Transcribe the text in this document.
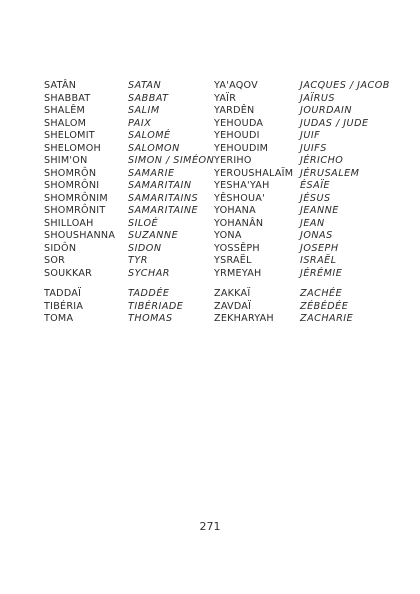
SATÂN
SHABBAT
SHALÊM
SHALOM
SHELOMIT
SHELOMOH
SHIM'ON
SHOMRÔN
SHOMRÔNI
SHOMRÔNIM
SHOMRÔNIT
SHILLOAH
SHOUSHANNA
SIDÔN
SOR
SOUKKAR
TADDAÏ
TIBÉRIA
TOMA
SATAN
SABBAT
SALIM
PAIX
SALOMÉ
SALOMON
SIMON / SIMÉON
SAMARIE
SAMARITAIN
SAMARITAINS
SAMARITAINE
SILOÉ
SUZANNE
SIDON
TYR
SYCHAR
TADDÉE
TIBÉRIADE
THOMAS
YA'AQOV
YAÏR
YARDÊN
YEHOUDA
YEHOUDI
YEHOUDIM
YERIHO
YEROUSHALAÏM
YESHA'YAH
YÊSHOUA'
YOHANA
YOHANÂN
YONA
YOSSÊPH
YSRAËL
YRMEYAH
ZAKKAÏ
ZAVDAÏ
ZEKHARYAH
JACQUES / JACOB
JAÏRUS
JOURDAIN
JUDAS / JUDE
JUIF
JUIFS
JÉRICHO
JÉRUSALEM
ÉSAÏE
JÉSUS
JEANNE
JEAN
JONAS
JOSEPH
ISRAËL
JÉRÉMIE
ZACHÉE
ZÉBÉDÉE
ZACHARIE
271
